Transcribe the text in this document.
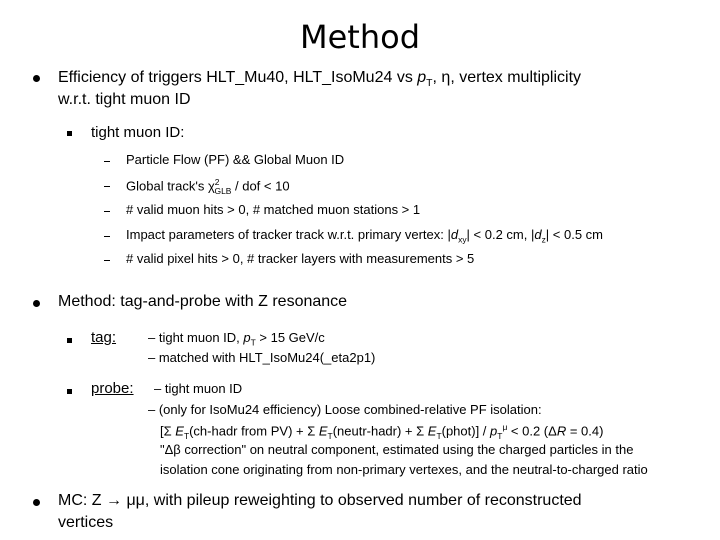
Method
Efficiency of triggers HLT_Mu40, HLT_IsoMu24 vs $p_T$, η, vertex multiplicity
w.r.t. tight muon ID
tight muon ID:
Particle Flow (PF) && Global Muon ID
Global track's $\chi^2_{GLB}$ / dof < 10
# valid muon hits > 0, # matched muon stations > 1
Impact parameters of tracker track w.r.t. primary vertex: $|d_{xy}| < 0.2$ cm, $|d_z| < 0.5$ cm
# valid pixel hits > 0, # tracker layers with measurements > 5
Method: tag-and-probe with Z resonance
tag: – tight muon ID, $p_T > 15$ GeV/c
– matched with HLT_IsoMu24(_eta2p1)
probe: – tight muon ID
– (only for IsoMu24 efficiency) Loose combined-relative PF isolation:
[Σ $E_T(ch$-hadr from PV) + Σ $E_T(neutr-hadr) + \Sigma$ $E_T(phot)] / p_T^\mu < 0.2$ (ΔR = 0.4)
"Δβ correction" on neutral component, estimated using the charged particles in the
isolation cone originating from non-primary vertexes, and the neutral-to-charged ratio
MC: Z → μμ, with pileup reweighting to observed number of reconstructed
vertices
